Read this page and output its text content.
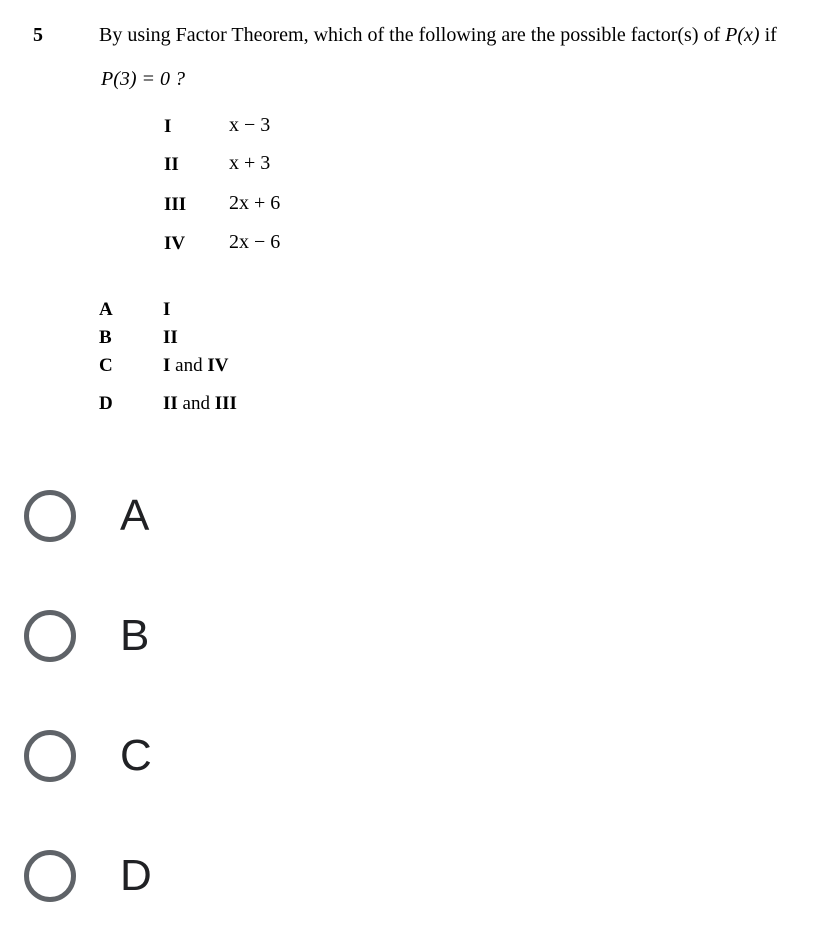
5	By using Factor Theorem, which of the following are the possible factor(s) of P(x) if
P(3) = 0 ?
I	x − 3
II	x + 3
III 2x + 6
IV 2x − 6
A	I
B	II
C	I and IV
D	II and III
A
B
C
D
